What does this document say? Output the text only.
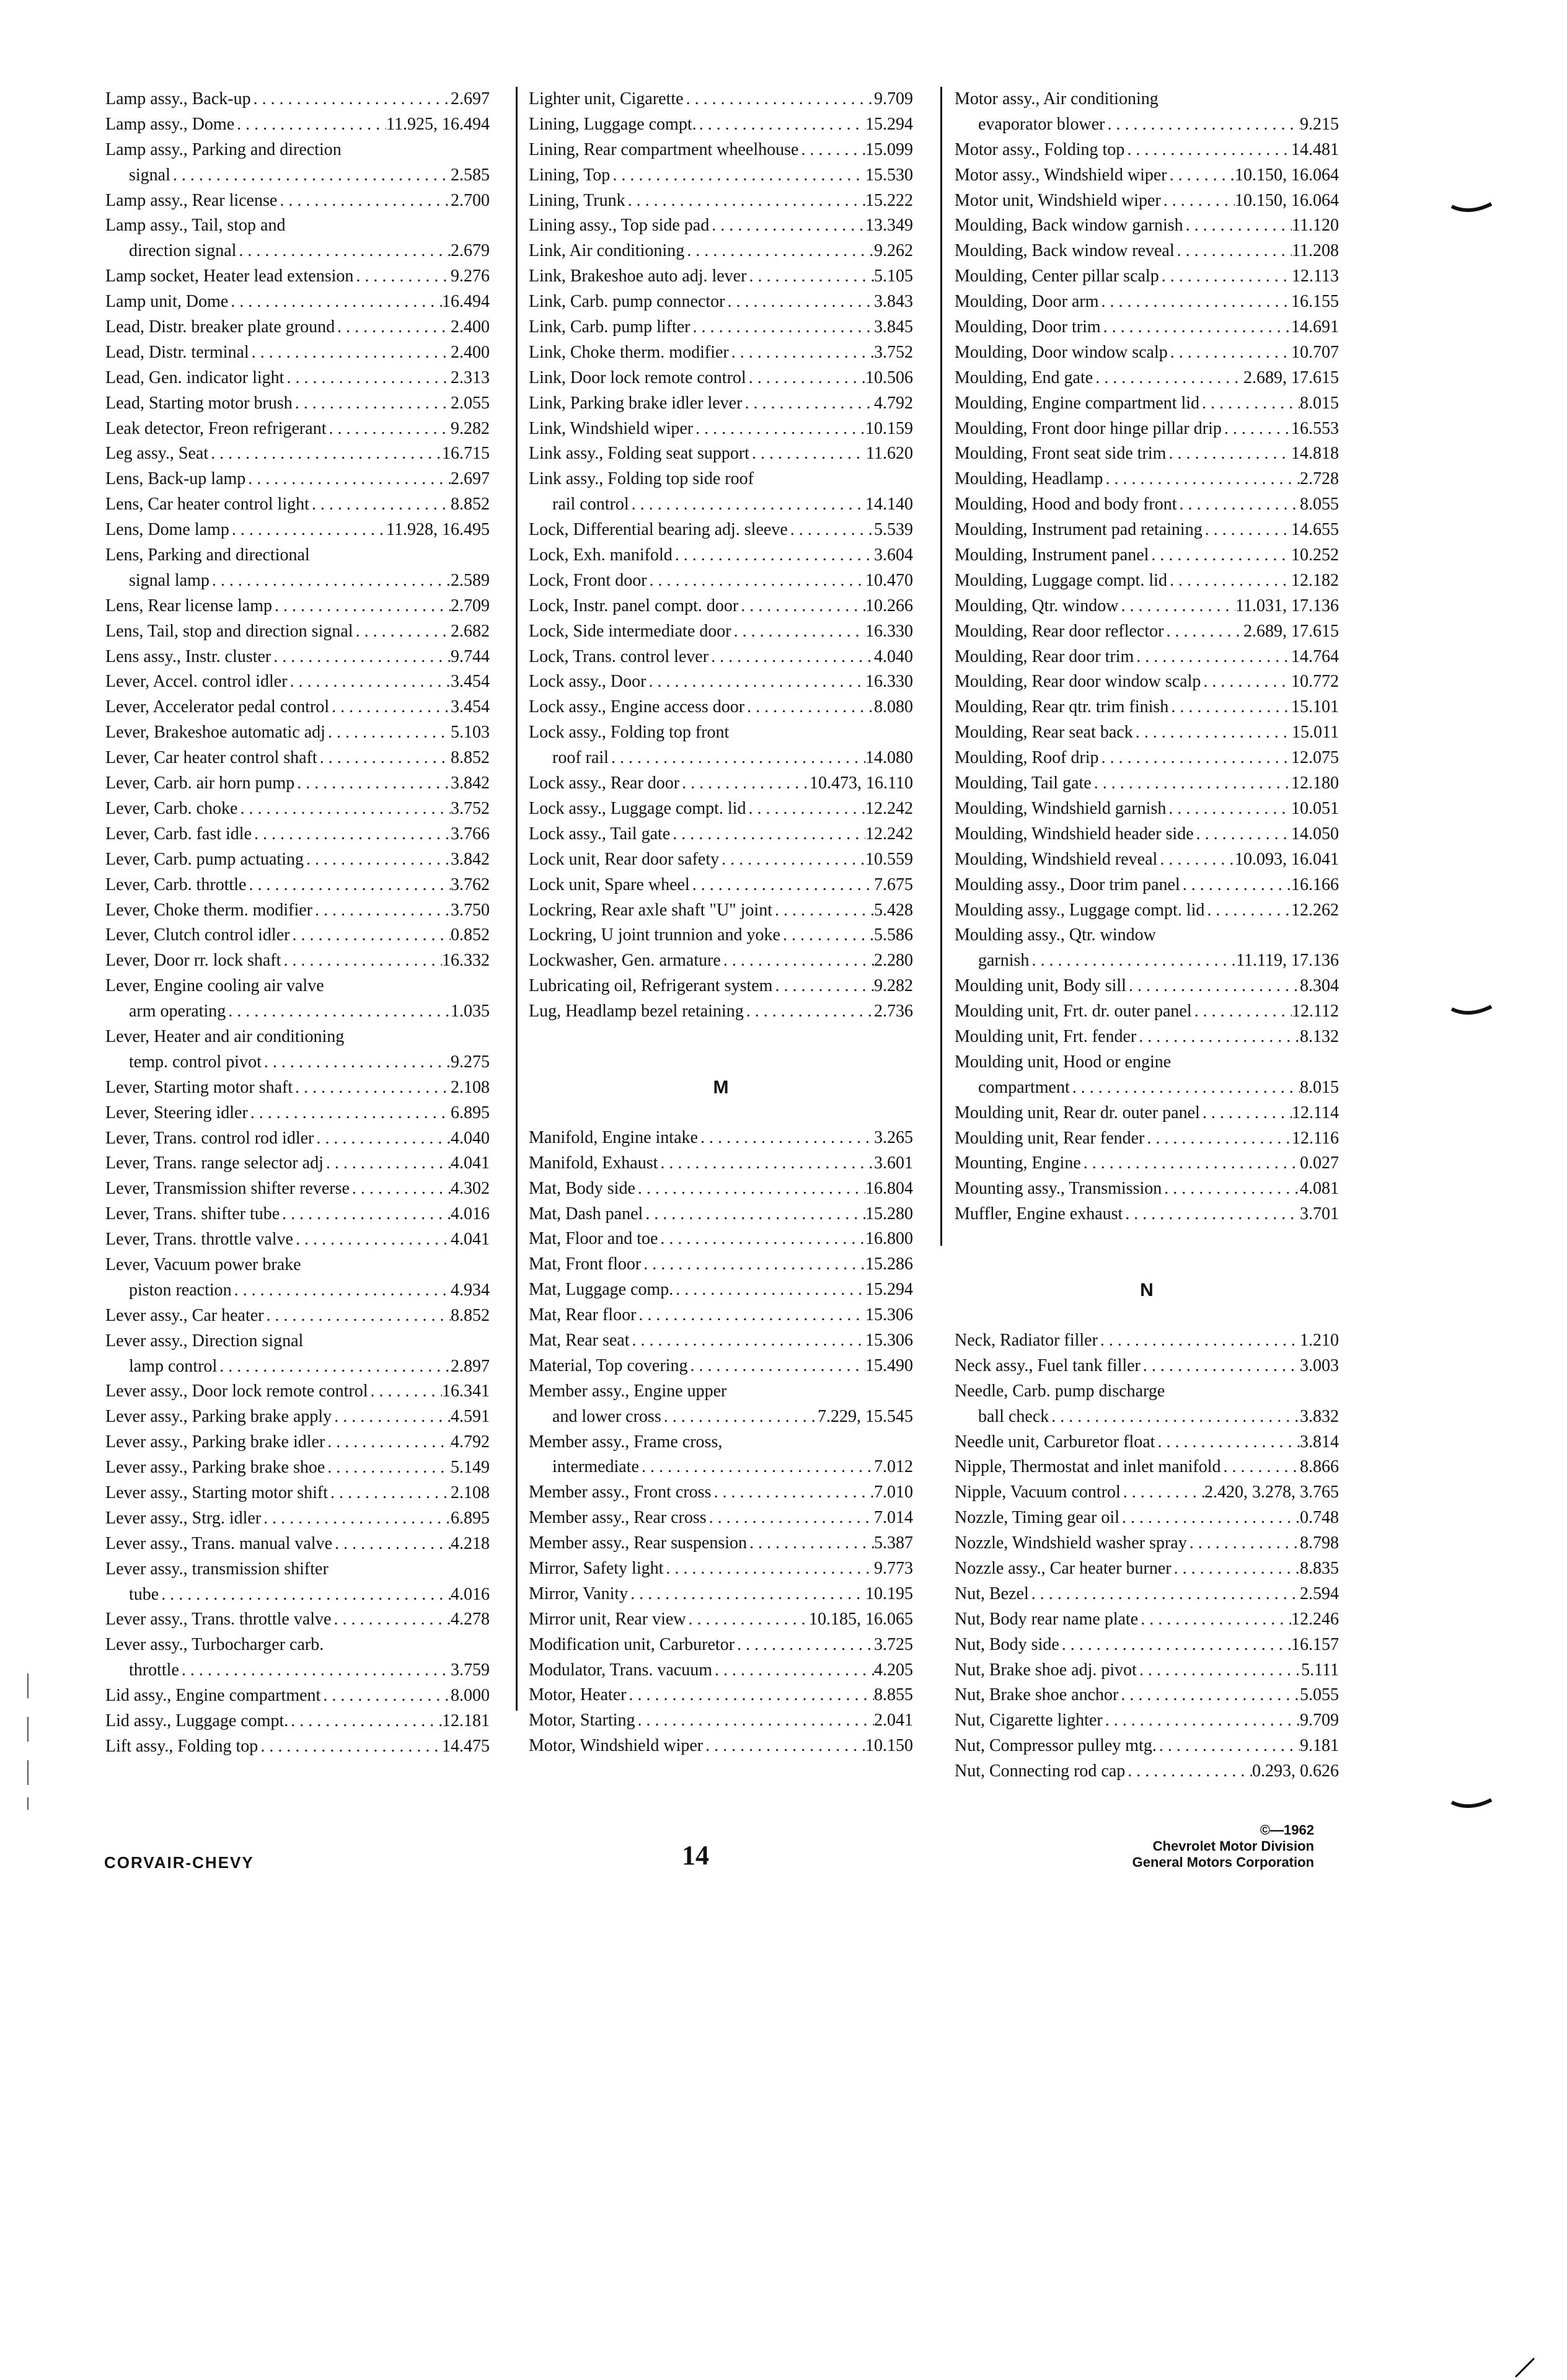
Lamp assy., Back-up . . .	2.697
Lamp assy., Dome . . .	11.925, 16.494
Lamp assy., Parking and direction
signal . . .	2.585
Lamp assy., Rear license . . .	2.700
Lamp assy., Tail, stop and
direction signal . . .	2.679
Lamp socket, Heater lead extension . . .	9.276
Lamp unit, Dome . . .	16.494
Lead, Distr. breaker plate ground . . .	2.400
Lead, Distr. terminal . . .	2.400
Lead, Gen. indicator light . . .	2.313
Lead, Starting motor brush . . .	2.055
Leak detector, Freon refrigerant . . .	9.282
Leg assy., Seat . . .	16.715
Lens, Back-up lamp . . .	2.697
Lens, Car heater control light . . .	8.852
Lens, Dome lamp . . .	11.928, 16.495
Lens, Parking and directional
signal lamp . . .	2.589
Lens, Rear license lamp . . .	2.709
Lens, Tail, stop and direction signal . . .	2.682
Lens assy., Instr. cluster . . .	9.744
Lever, Accel. control idler . . .	3.454
Lever, Accelerator pedal control . . .	3.454
Lever, Brakeshoe automatic adj . . .	5.103
Lever, Car heater control shaft . . .	8.852
Lever, Carb. air horn pump . . .	3.842
Lever, Carb. choke . . .	3.752
Lever, Carb. fast idle . . .	3.766
Lever, Carb. pump actuating . . .	3.842
Lever, Carb. throttle . . .	3.762
Lever, Choke therm. modifier . . .	3.750
Lever, Clutch control idler . . .	0.852
Lever, Door rr. lock shaft . . .	16.332
Lever, Engine cooling air valve
arm operating . . .	1.035
Lever, Heater and air conditioning
temp. control pivot . . .	9.275
Lever, Starting motor shaft . . .	2.108
Lever, Steering idler . . .	6.895
Lever, Trans. control rod idler . . .	4.040
Lever, Trans. range selector adj . . .	4.041
Lever, Transmission shifter reverse . . .	4.302
Lever, Trans. shifter tube . . .	4.016
Lever, Trans. throttle valve . . .	4.041
Lever, Vacuum power brake
piston reaction . . .	4.934
Lever assy., Car heater . . .	8.852
Lever assy., Direction signal
lamp control . . .	2.897
Lever assy., Door lock remote control . . .	16.341
Lever assy., Parking brake apply . . .	4.591
Lever assy., Parking brake idler . . .	4.792
Lever assy., Parking brake shoe . . .	5.149
Lever assy., Starting motor shift . . .	2.108
Lever assy., Strg. idler . . .	6.895
Lever assy., Trans. manual valve . . .	4.218
Lever assy., transmission shifter
tube . . .	4.016
Lever assy., Trans. throttle valve . . .	4.278
Lever assy., Turbocharger carb.
throttle . . .	3.759
Lid assy., Engine compartment . . .	8.000
Lid assy., Luggage compt. . . .	12.181
Lift assy., Folding top . . .	14.475
Lighter unit, Cigarette . . .	9.709
Lining, Luggage compt. . . .	15.294
Lining, Rear compartment wheelhouse . . .	15.099
Lining, Top . . .	15.530
Lining, Trunk . . .	15.222
Lining assy., Top side pad . . .	13.349
Link, Air conditioning . . .	9.262
Link, Brakeshoe auto adj. lever . . .	5.105
Link, Carb. pump connector . . .	3.843
Link, Carb. pump lifter . . .	3.845
Link, Choke therm. modifier . . .	3.752
Link, Door lock remote control . . .	10.506
Link, Parking brake idler lever . . .	4.792
Link, Windshield wiper . . .	10.159
Link assy., Folding seat support . . .	11.620
Link assy., Folding top side roof
rail control . . .	14.140
Lock, Differential bearing adj. sleeve . . .	5.539
Lock, Exh. manifold . . .	3.604
Lock, Front door . . .	10.470
Lock, Instr. panel compt. door . . .	10.266
Lock, Side intermediate door . . .	16.330
Lock, Trans. control lever . . .	4.040
Lock assy., Door . . .	16.330
Lock assy., Engine access door . . .	8.080
Lock assy., Folding top front
roof rail . . .	14.080
Lock assy., Rear door . . .	10.473, 16.110
Lock assy., Luggage compt. lid . . .	12.242
Lock assy., Tail gate . . .	12.242
Lock unit, Rear door safety . . .	10.559
Lock unit, Spare wheel . . .	7.675
Lockring, Rear axle shaft "U" joint . . .	5.428
Lockring, U joint trunnion and yoke . . .	5.586
Lockwasher, Gen. armature . . .	2.280
Lubricating oil, Refrigerant system . . .	9.282
Lug, Headlamp bezel retaining . . .	2.736
M
Manifold, Engine intake . . .	3.265
Manifold, Exhaust . . .	3.601
Mat, Body side . . .	16.804
Mat, Dash panel . . .	15.280
Mat, Floor and toe . . .	16.800
Mat, Front floor . . .	15.286
Mat, Luggage comp. . . .	15.294
Mat, Rear floor . . .	15.306
Mat, Rear seat . . .	15.306
Material, Top covering . . .	15.490
Member assy., Engine upper
and lower cross . . .	7.229, 15.545
Member assy., Frame cross,
intermediate . . .	7.012
Member assy., Front cross . . .	7.010
Member assy., Rear cross . . .	7.014
Member assy., Rear suspension . . .	5.387
Mirror, Safety light . . .	9.773
Mirror, Vanity . . .	10.195
Mirror unit, Rear view . . .	10.185, 16.065
Modification unit, Carburetor . . .	3.725
Modulator, Trans. vacuum . . .	4.205
Motor, Heater . . .	8.855
Motor, Starting . . .	2.041
Motor, Windshield wiper . . .	10.150
Motor assy., Air conditioning
evaporator blower . . .	9.215
Motor assy., Folding top . . .	14.481
Motor assy., Windshield wiper . . .	10.150, 16.064
Motor unit, Windshield wiper . . .	10.150, 16.064
Moulding, Back window garnish . . .	11.120
Moulding, Back window reveal . . .	11.208
Moulding, Center pillar scalp . . .	12.113
Moulding, Door arm . . .	16.155
Moulding, Door trim . . .	14.691
Moulding, Door window scalp . . .	10.707
Moulding, End gate . . .	2.689, 17.615
Moulding, Engine compartment lid . . .	8.015
Moulding, Front door hinge pillar drip . . .	16.553
Moulding, Front seat side trim . . .	14.818
Moulding, Headlamp . . .	2.728
Moulding, Hood and body front . . .	8.055
Moulding, Instrument pad retaining . . .	14.655
Moulding, Instrument panel . . .	10.252
Moulding, Luggage compt. lid . . .	12.182
Moulding, Qtr. window . . .	11.031, 17.136
Moulding, Rear door reflector . . .	2.689, 17.615
Moulding, Rear door trim . . .	14.764
Moulding, Rear door window scalp . . .	10.772
Moulding, Rear qtr. trim finish . . .	15.101
Moulding, Rear seat back . . .	15.011
Moulding, Roof drip . . .	12.075
Moulding, Tail gate . . .	12.180
Moulding, Windshield garnish . . .	10.051
Moulding, Windshield header side . . .	14.050
Moulding, Windshield reveal . . .	10.093, 16.041
Moulding assy., Door trim panel . . .	16.166
Moulding assy., Luggage compt. lid . . .	12.262
Moulding assy., Qtr. window
garnish . . .	11.119, 17.136
Moulding unit, Body sill . . .	8.304
Moulding unit, Frt. dr. outer panel . . .	12.112
Moulding unit, Frt. fender . . .	8.132
Moulding unit, Hood or engine
compartment . . .	8.015
Moulding unit, Rear dr. outer panel . . .	12.114
Moulding unit, Rear fender . . .	12.116
Mounting, Engine . . .	0.027
Mounting assy., Transmission . . .	4.081
Muffler, Engine exhaust . . .	3.701
N
Neck, Radiator filler . . .	1.210
Neck assy., Fuel tank filler . . .	3.003
Needle, Carb. pump discharge
ball check . . .	3.832
Needle unit, Carburetor float . . .	3.814
Nipple, Thermostat and inlet manifold . . .	8.866
Nipple, Vacuum control . . .	2.420, 3.278, 3.765
Nozzle, Timing gear oil . . .	0.748
Nozzle, Windshield washer spray . . .	8.798
Nozzle assy., Car heater burner . . .	8.835
Nut, Bezel . . .	2.594
Nut, Body rear name plate . . .	12.246
Nut, Body side . . .	16.157
Nut, Brake shoe adj. pivot . . .	5.111
Nut, Brake shoe anchor . . .	5.055
Nut, Cigarette lighter . . .	9.709
Nut, Compressor pulley mtg. . . .	9.181
Nut, Connecting rod cap . . .	0.293, 0.626
CORVAIR-CHEVY	14
©—1962
Chevrolet Motor Division
General Motors Corporation
